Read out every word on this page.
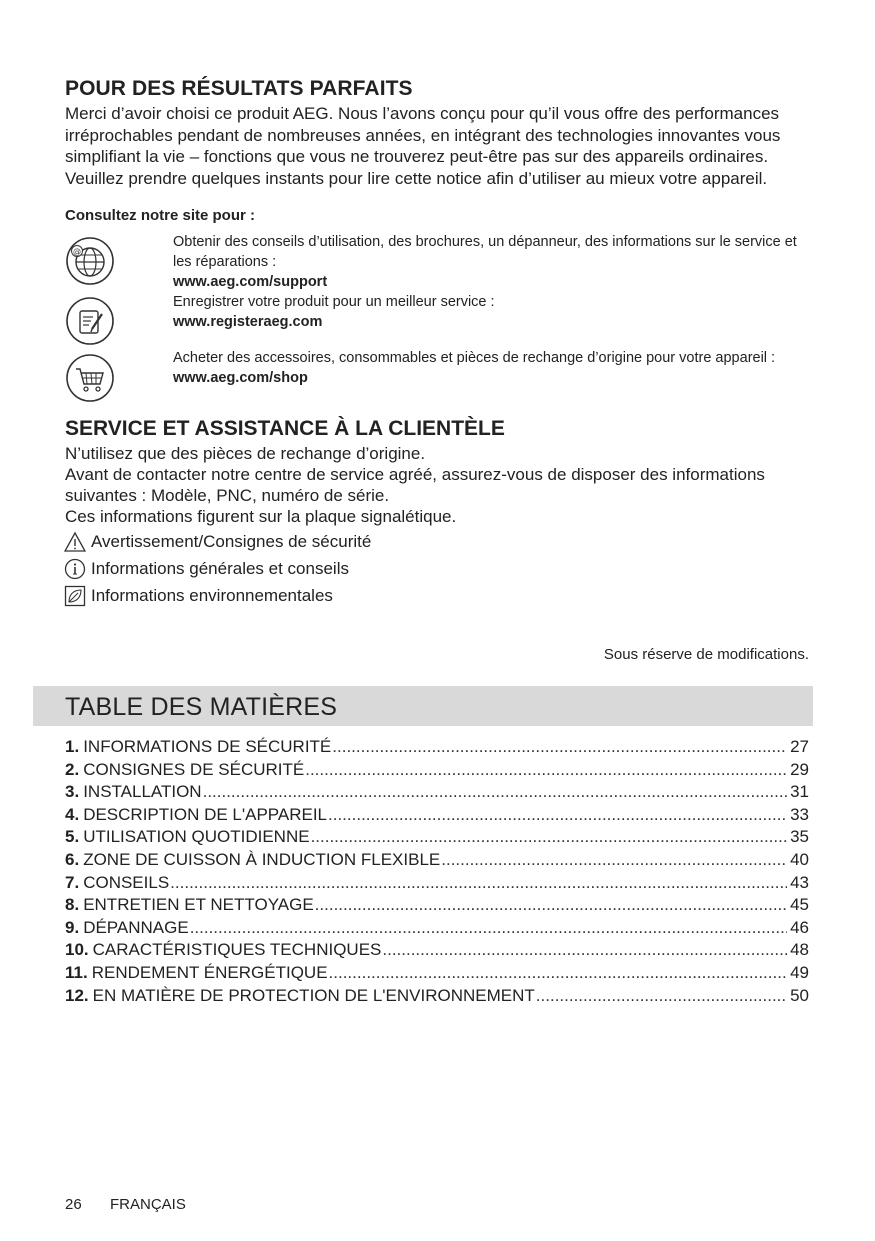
POUR DES RÉSULTATS PARFAITS

Merci d’avoir choisi ce produit AEG. Nous l’avons conçu pour qu’il vous offre des performances irréprochables pendant de nombreuses années, en intégrant des technologies innovantes vous simplifiant la vie – fonctions que vous ne trouverez peut-être pas sur des appareils ordinaires. Veuillez prendre quelques instants pour lire cette notice afin d’utiliser au mieux votre appareil.

Consultez notre site pour :
@
Obtenir des conseils d’utilisation, des brochures, un dépanneur, des informations sur le service et les réparations :
www.aeg.com/support
Enregistrer votre produit pour un meilleur service :
www.registeraeg.com
Acheter des accessoires, consommables et pièces de rechange d’origine pour votre appareil :
www.aeg.com/shop
SERVICE ET ASSISTANCE À LA CLIENTÈLE
N’utilisez que des pièces de rechange d’origine.
Avant de contacter notre centre de service agréé, assurez-vous de disposer des informations suivantes : Modèle, PNC, numéro de série.
Ces informations figurent sur la plaque signalétique.
Avertissement/Consignes de sécurité
Informations générales et conseils
Informations environnementales
Sous réserve de modifications.
TABLE DES MATIÈRES
1. INFORMATIONS DE SÉCURITÉ .....	27
2. CONSIGNES DE SÉCURITÉ .....	29
3. INSTALLATION .....	31
4. DESCRIPTION DE L'APPAREIL .....	33
5. UTILISATION QUOTIDIENNE .....	35
6. ZONE DE CUISSON À INDUCTION FLEXIBLE .....	40
7. CONSEILS .....	43
8. ENTRETIEN ET NETTOYAGE .....	45
9. DÉPANNAGE .....	46
10. CARACTÉRISTIQUES TECHNIQUES .....	48
11. RENDEMENT ÉNERGÉTIQUE .....	49
12. EN MATIÈRE DE PROTECTION DE L'ENVIRONNEMENT .....	50
26 FRANÇAIS
